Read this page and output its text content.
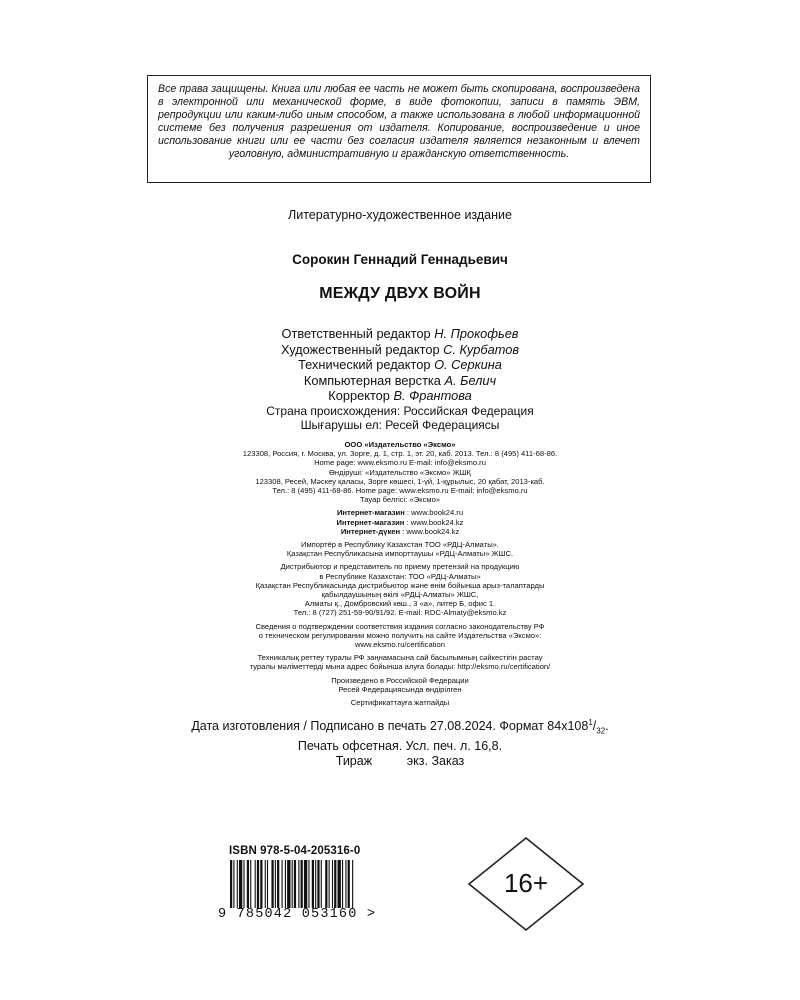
Все права защищены. Книга или любая ее часть не может быть скопирована, воспроизведена в электронной или механической форме, в виде фотокопии, записи в память ЭВМ, репродукции или каким-либо иным способом, а также использована в любой информационной системе без получения разрешения от издателя. Копирование, воспроизведение и иное использование книги или ее части без согласия издателя является незаконным и влечет уголовную, административную и гражданскую ответственность.
Литературно-художественное издание
Сорокин Геннадий Геннадьевич
МЕЖДУ ДВУХ ВОЙН
Ответственный редактор Н. Прокофьев
Художественный редактор С. Курбатов
Технический редактор О. Серкина
Компьютерная верстка А. Белич
Корректор В. Франтова
Страна происхождения: Российская Федерация
Шығарушы ел: Ресей Федерациясы
ООО «Издательство «Эксмо»
123308, Россия, г. Москва, ул. Зорге, д. 1, стр. 1, эт. 20, каб. 2013. Тел.: 8 (495) 411-68-86.
Home page: www.eksmo.ru E-mail: info@eksmo.ru
Өндіруші: «Издательство «Эксмо» ЖШҚ
123308, Ресей, Мәскеу қаласы, Зорге көшесі, 1-үй, 1-құрылыс, 20 қабат, 2013-каб.
Тел.: 8 (495) 411-68-86. Home page: www.eksmo.ru E-mail: info@eksmo.ru
Тауар белгісі: «Эксмо»
Интернет-магазин : www.book24.ru
Интернет-магазин : www.book24.kz
Интернет-дүкен : www.book24.kz
Импортёр в Республику Казахстан ТОО «РДЦ-Алматы».
Қазақстан Республикасына импорттаушы «РДЦ-Алматы» ЖШС.
Дистрибьютор и представитель по приему претензий на продукцию
в Республике Казахстан: ТОО «РДЦ-Алматы»
Қазақстан Республикасында дистрибьютор және өнім бойынша арыз-талаптарды
қабылдаушының өкілі «РДЦ-Алматы» ЖШС,
Алматы қ., Домбровский көш., 3 «а», литер Б, офис 1.
Тел.: 8 (727) 251-59-90/91/92. E-mail: RDC-Almaty@eksmo.kz
Сведения о подтверждении соответствия издания согласно законодательству РФ
о техническом регулировании можно получить на сайте Издательства «Эксмо»:
www.eksmo.ru/certification
Техникалық реттеу туралы РФ заңнамасына сай басылымның сәйкестігін растау
туралы мәліметтерді мына адрес бойынша алуға болады: http://eksmo.ru/certification/
Произведено в Российской Федерации
Ресей Федерациясында өндірілген
Сертификаттауға жатпайды
Дата изготовления / Подписано в печать 27.08.2024. Формат $84х108^1/_{32}$.
Печать офсетная. Усл. печ. л. 16,8.
Тираж          экз. Заказ
ISBN 978-5-04-205316-0
9 785042 053160 >
16+
